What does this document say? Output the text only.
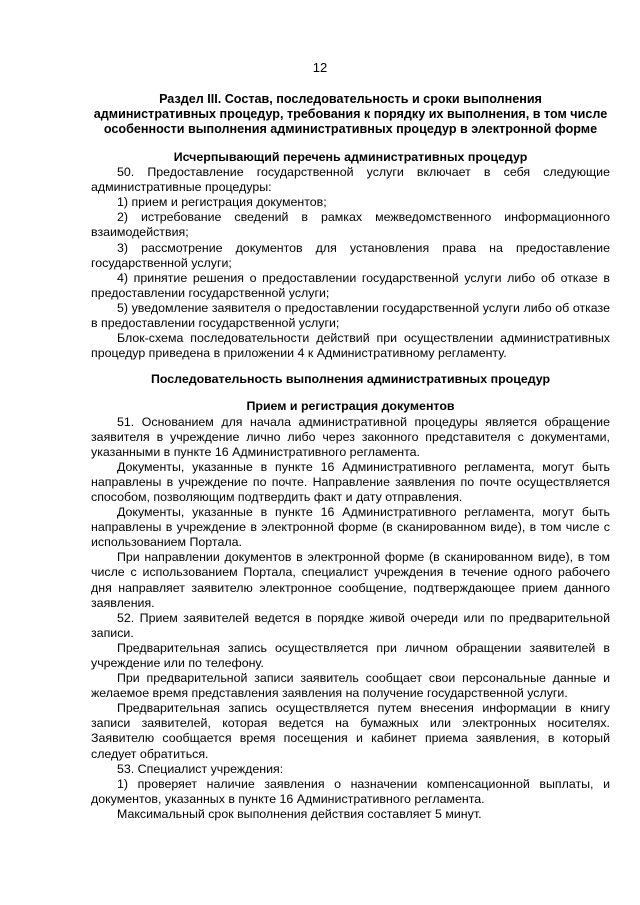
12
Раздел III. Состав, последовательность и сроки выполнения
административных процедур, требования к порядку их выполнения, в том числе
особенности выполнения административных процедур в электронной форме
Исчерпывающий перечень административных процедур

50. Предоставление государственной услуги включает в себя следующие административные процедуры:

1) прием и регистрация документов;

2) истребование сведений в рамках межведомственного информационного взаимодействия;

3) рассмотрение документов для установления права на предоставление государственной услуги;

4) принятие решения о предоставлении государственной услуги либо об отказе в предоставлении государственной услуги;

5) уведомление заявителя о предоставлении государственной услуги либо об отказе в предоставлении государственной услуги;

Блок-схема последовательности действий при осуществлении административных процедур приведена в приложении 4 к Административному регламенту.

Последовательность выполнения административных процедур
Прием и регистрация документов

51. Основанием для начала административной процедуры является обращение заявителя в учреждение лично либо через законного представителя с документами, указанными в пункте 16 Административного регламента.

Документы, указанные в пункте 16 Административного регламента, могут быть направлены в учреждение по почте. Направление заявления по почте осуществляется способом, позволяющим подтвердить факт и дату отправления.

Документы, указанные в пункте 16 Административного регламента, могут быть направлены в учреждение в электронной форме (в сканированном виде), в том числе с использованием Портала.

При направлении документов в электронной форме (в сканированном виде), в том числе с использованием Портала, специалист учреждения в течение одного рабочего дня направляет заявителю электронное сообщение, подтверждающее прием данного заявления.

52. Прием заявителей ведется в порядке живой очереди или по предварительной записи.

Предварительная запись осуществляется при личном обращении заявителей в учреждение или по телефону.

При предварительной записи заявитель сообщает свои персональные данные и желаемое время представления заявления на получение государственной услуги.

Предварительная запись осуществляется путем внесения информации в книгу записи заявителей, которая ведется на бумажных или электронных носителях. Заявителю сообщается время посещения и кабинет приема заявления, в который следует обратиться.

53. Специалист учреждения:

1) проверяет наличие заявления о назначении компенсационной выплаты, и документов, указанных в пункте 16 Административного регламента.

Максимальный срок выполнения действия составляет 5 минут.
